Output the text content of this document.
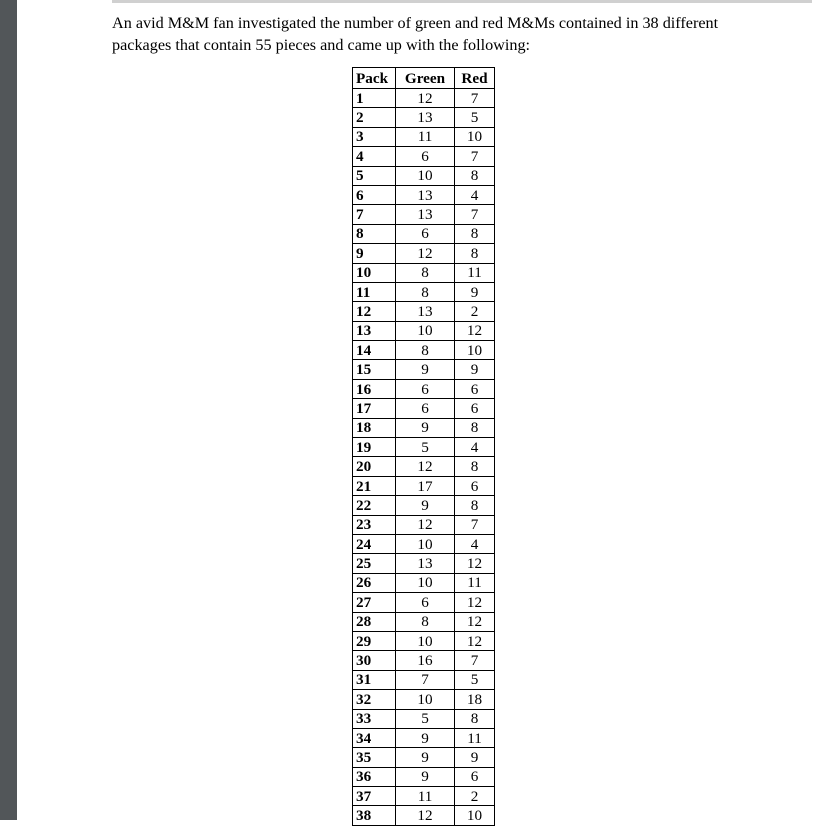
An avid M&M fan investigated the number of green and red M&Ms contained in 38 different packages that contain 55 pieces and came up with the following:

Pack	Green	Red
1	12	7
2	13	5
3	11	10
4	6	7
5	10	8
6	13	4
7	13	7
8	6	8
9	12	8
10	8	11
11	8	9
12	13	2
13	10	12
14	8	10
15	9	9
16	6	6
17	6	6
18	9	8
19	5	4
20	12	8
21	17	6
22	9	8
23	12	7
24	10	4
25	13	12
26	10	11
27	6	12
28	8	12
29	10	12
30	16	7
31	7	5
32	10	18
33	5	8
34	9	11
35	9	9
36	9	6
37	11	2
38	12	10
